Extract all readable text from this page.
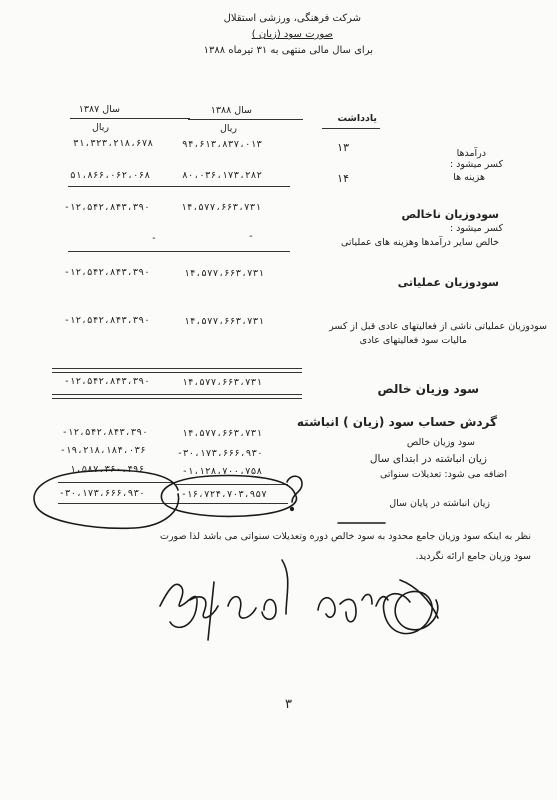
شرکت فرهنگی، ورزشی استقلال
صورت سود (زیان )
برای سال مالی منتهی به ۳۱ تیرماه ۱۳۸۸
یادداشت
سال ۱۳۸۸
ریال
سال ۱۳۸۷
ریال
درآمدها
۱۳
۹۴،۶۱۳،۸۳۷،۰۱۳
۳۱،۳۲۳،۲۱۸،۶۷۸
کسر میشود :
هزینه ها
۱۴
۸۰،۰۳۶،۱۷۳،۲۸۲
۵۱،۸۶۶،۰۶۲،۰۶۸
سودوزیان ناخالص
۱۴،۵۷۷،۶۶۳،۷۳۱
-۱۲،۵۴۲،۸۴۳،۳۹۰
کسر میشود :
خالص سایر درآمدها وهزینه های عملیاتی
-
-
سودوزیان عملیاتی
۱۴،۵۷۷،۶۶۳،۷۳۱
-۱۲،۵۴۲،۸۴۳،۳۹۰
سودوزیان عملیاتی ناشی از فعالیتهای عادی قبل از کسر
۱۴،۵۷۷،۶۶۳،۷۳۱
-۱۲،۵۴۲،۸۴۳،۳۹۰
مالیات سود فعالیتهای عادی
سود وزیان خالص
۱۴،۵۷۷،۶۶۳،۷۳۱
-۱۲،۵۴۲،۸۴۳،۳۹۰
گردش حساب سود (زیان ) انباشته
سود وزیان خالص
۱۴،۵۷۷،۶۶۳،۷۳۱
-۱۲،۵۴۲،۸۴۳،۳۹۰
زیان انباشته در ابتدای سال
-۳۰،۱۷۳،۶۶۶،۹۳۰
-۱۹،۲۱۸،۱۸۴،۰۳۶
اضافه می شود: تعدیلات سنواتی
-۱،۱۲۸،۷۰۰،۷۵۸
۱،۵۸۷،۳۶۰،۴۹۶
زیان انباشته در پایان سال
-۱۶،۷۲۴،۷۰۳،۹۵۷
-۳۰،۱۷۳،۶۶۶،۹۳۰
نظر به اینکه سود وزیان جامع محدود به سود خالص دوره وتعدیلات سنواتی می باشد لذا صورت
سود وزیان جامع ارائه نگردید.
۳
